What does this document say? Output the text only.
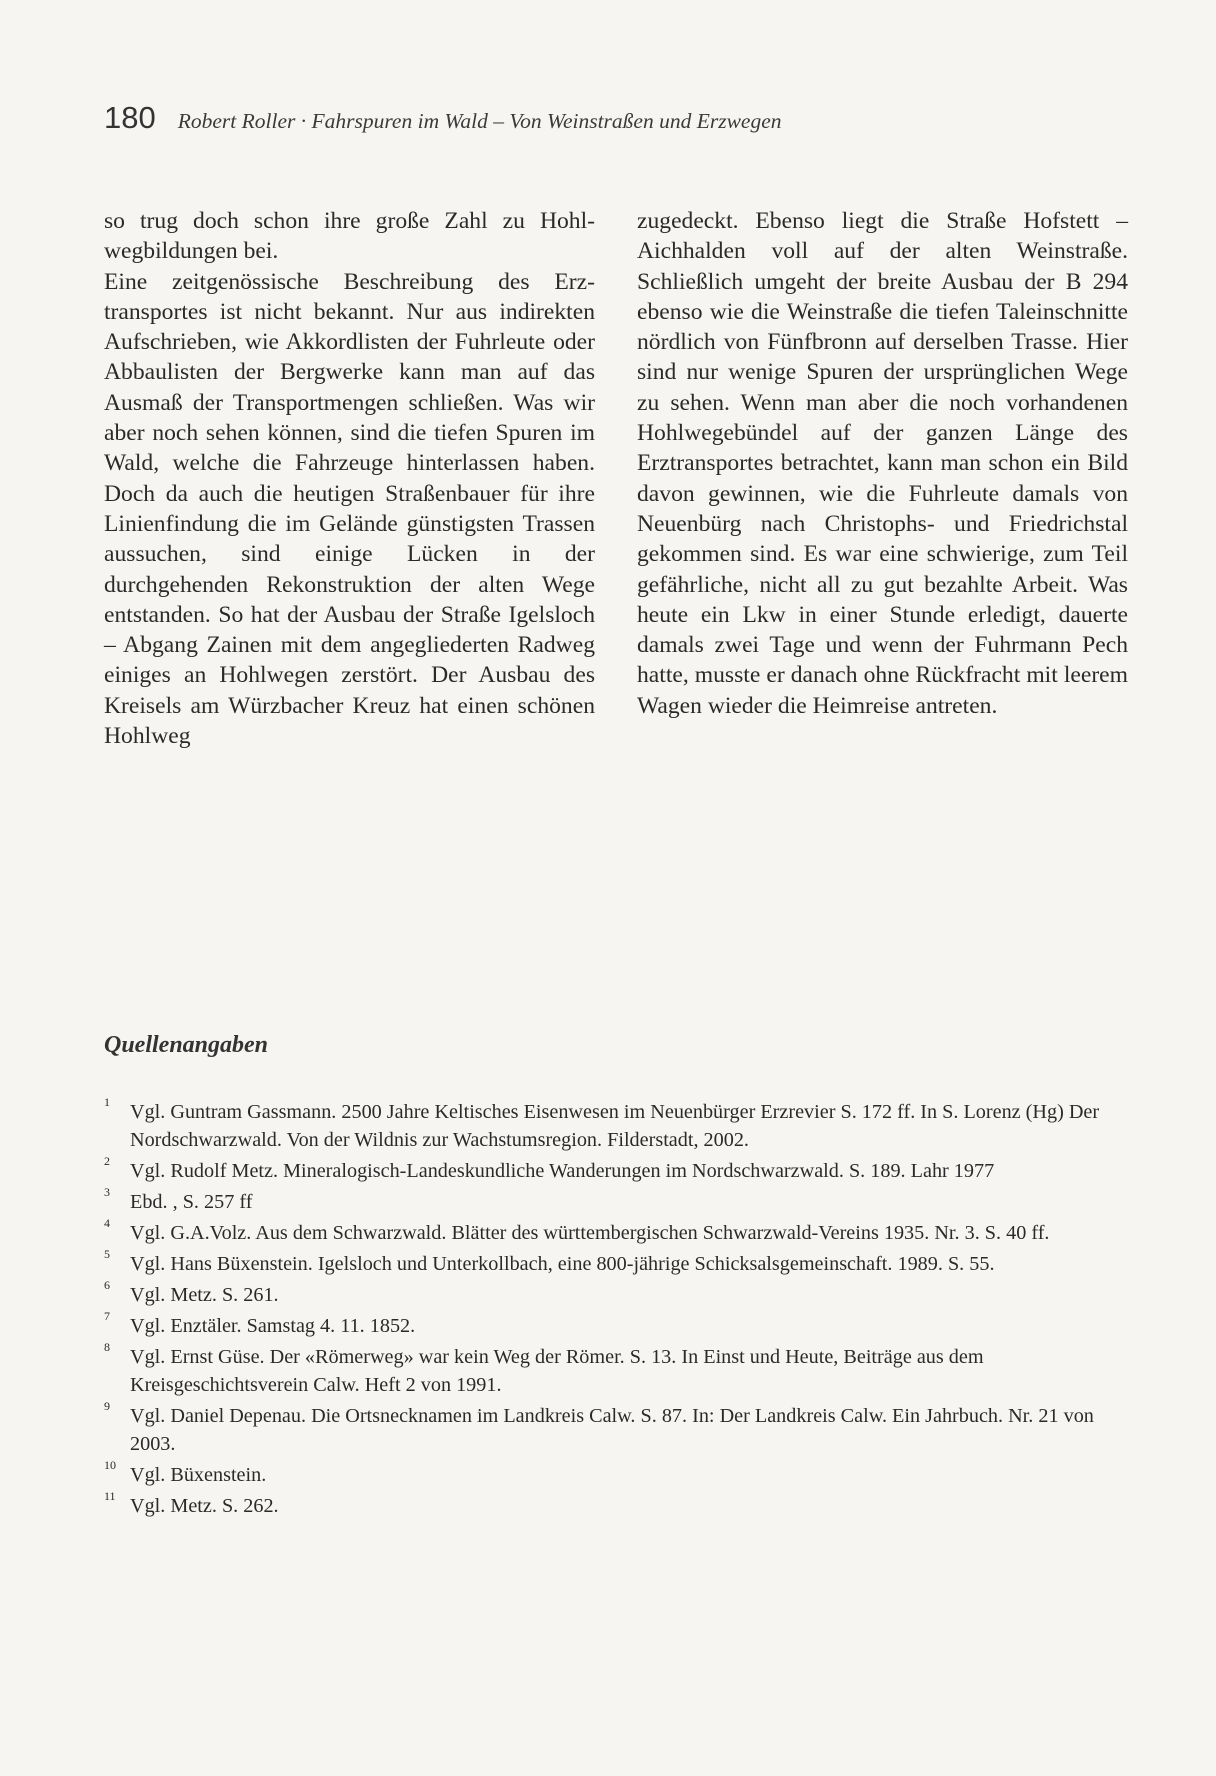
180 Robert Roller · Fahrspuren im Wald – Von Weinstraßen und Erzwegen

so trug doch schon ihre große Zahl zu Hohlwegbildungen bei.

Eine zeitgenössische Beschreibung des Erztransportes ist nicht bekannt. Nur aus indirekten Aufschrieben, wie Akkordlisten der Fuhrleute oder Abbaulisten der Bergwerke kann man auf das Ausmaß der Transportmengen schließen. Was wir aber noch sehen können, sind die tiefen Spuren im Wald, welche die Fahrzeuge hinterlassen haben. Doch da auch die heutigen Straßenbauer für ihre Linienfindung die im Gelände günstigsten Trassen aussuchen, sind einige Lücken in der durchgehenden Rekonstruktion der alten Wege entstanden. So hat der Ausbau der Straße Igelsloch – Abgang Zainen mit dem angegliederten Radweg einiges an Hohlwegen zerstört. Der Ausbau des Kreisels am Würzbacher Kreuz hat einen schönen Hohlweg

zugedeckt. Ebenso liegt die Straße Hofstett – Aichhalden voll auf der alten Weinstraße. Schließlich umgeht der breite Ausbau der B 294 ebenso wie die Weinstraße die tiefen Taleinschnitte nördlich von Fünfbronn auf derselben Trasse. Hier sind nur wenige Spuren der ursprünglichen Wege zu sehen. Wenn man aber die noch vorhandenen Hohlwegebündel auf der ganzen Länge des Erztransportes betrachtet, kann man schon ein Bild davon gewinnen, wie die Fuhrleute damals von Neuenbürg nach Christophs- und Friedrichstal gekommen sind. Es war eine schwierige, zum Teil gefährliche, nicht all zu gut bezahlte Arbeit. Was heute ein Lkw in einer Stunde erledigt, dauerte damals zwei Tage und wenn der Fuhrmann Pech hatte, musste er danach ohne Rückfracht mit leerem Wagen wieder die Heimreise antreten.

Quellenangaben
1 Vgl. Guntram Gassmann. 2500 Jahre Keltisches Eisenwesen im Neuenbürger Erzrevier S. 172 ff. In S. Lorenz (Hg) Der Nordschwarzwald. Von der Wildnis zur Wachstumsregion. Filderstadt, 2002.
2 Vgl. Rudolf Metz. Mineralogisch-Landeskundliche Wanderungen im Nordschwarzwald. S. 189. Lahr 1977
3 Ebd. , S. 257 ff
4 Vgl. G.A.Volz. Aus dem Schwarzwald. Blätter des württembergischen Schwarzwald-Vereins 1935. Nr. 3. S. 40 ff.
5 Vgl. Hans Büxenstein. Igelsloch und Unterkollbach, eine 800-jährige Schicksalsgemeinschaft. 1989. S. 55.
6 Vgl. Metz. S. 261.
7 Vgl. Enztäler. Samstag 4. 11. 1852.
8 Vgl. Ernst Güse. Der «Römerweg» war kein Weg der Römer. S. 13. In Einst und Heute, Beiträge aus dem Kreisgeschichtsverein Calw. Heft 2 von 1991.
9 Vgl. Daniel Depenau. Die Ortsnecknamen im Landkreis Calw. S. 87. In: Der Landkreis Calw. Ein Jahrbuch. Nr. 21 von 2003.
10 Vgl. Büxenstein.
11 Vgl. Metz. S. 262.
